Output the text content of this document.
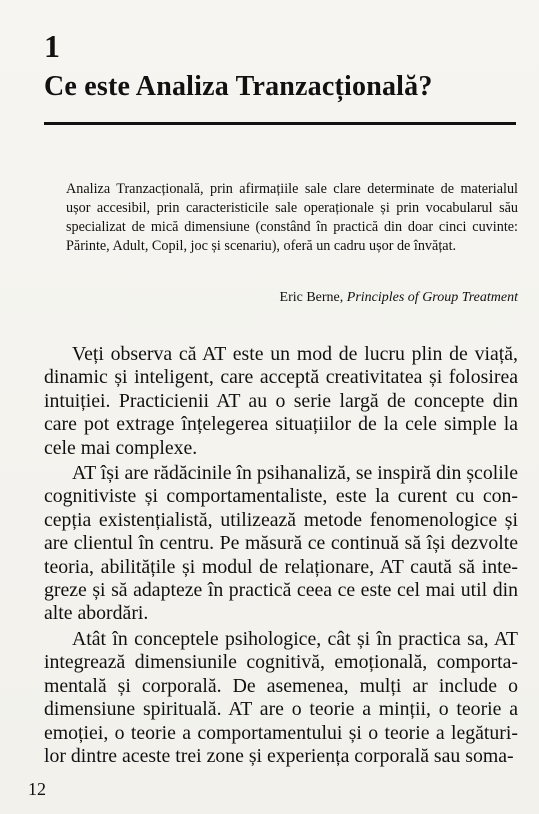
1
Ce este Analiza Tranzacțională?
Analiza Tranzacțională, prin afirmațiile sale clare determinate de materialul ușor accesibil, prin caracteristicile sale operaționale și prin vocabularul său specializat de mică dimensiune (constând în practică din doar cinci cuvinte: Părinte, Adult, Copil, joc și scenariu), oferă un cadru ușor de învățat.
Eric Berne, Principles of Group Treatment

Veți observa că AT este un mod de lucru plin de viață, dinamic și inteligent, care acceptă creativitatea și folosirea intuiției. Practicienii AT au o serie largă de concepte din care pot extrage înțelegerea situațiilor de la cele simple la cele mai complexe.

AT își are rădăcinile în psihanaliză, se inspiră din școlile cognitiviste și comportamentaliste, este la curent cu concepția existențialistă, utilizează metode fenomenologice și are clientul în centru. Pe măsură ce continuă să își dezvolte teoria, abilitățile și modul de relaționare, AT caută să integreze și să adapteze în practică ceea ce este cel mai util din alte abordări.

Atât în conceptele psihologice, cât și în practica sa, AT integrează dimensiunile cognitivă, emoțională, comportamentală și corporală. De asemenea, mulți ar include o dimensiune spirituală. AT are o teorie a minții, o teorie a emoției, o teorie a comportamentului și o teorie a legăturilor dintre aceste trei zone și experiența corporală sau soma-

12
